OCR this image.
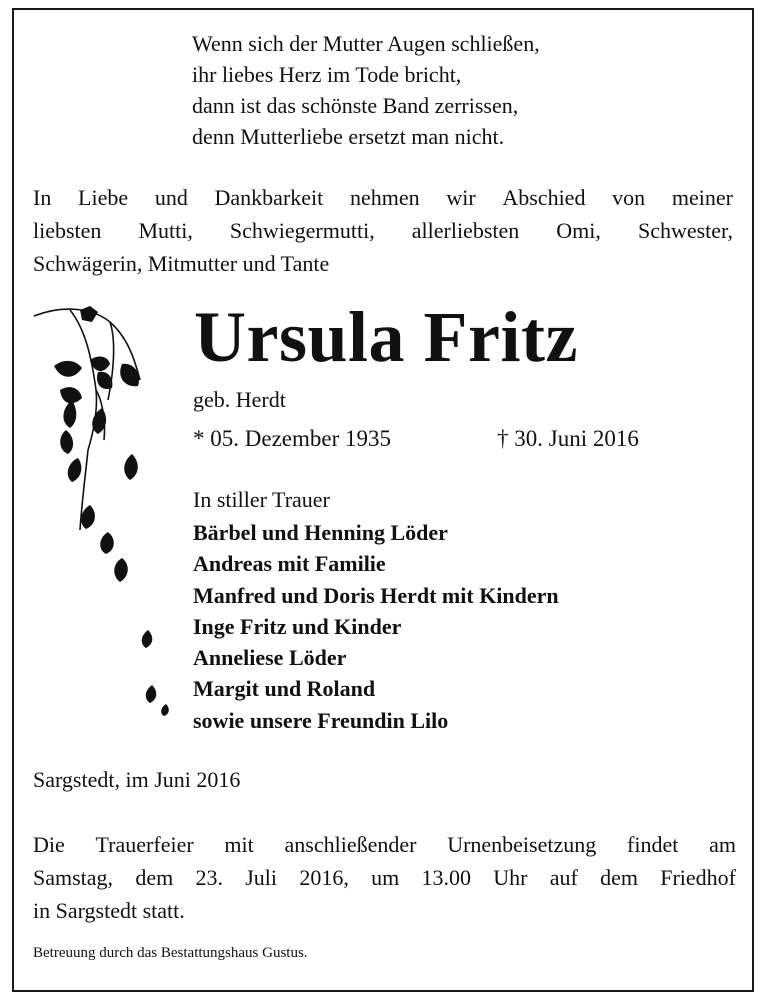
Wenn sich der Mutter Augen schließen,
ihr liebes Herz im Tode bricht,
dann ist das schönste Band zerrissen,
denn Mutterliebe ersetzt man nicht.
In Liebe und Dankbarkeit nehmen wir Abschied von meiner
liebsten Mutti, Schwiegermutti, allerliebsten Omi, Schwester,
Schwägerin, Mitmutter und Tante
Ursula Fritz
geb. Herdt
* 05. Dezember 1935	† 30. Juni 2016
In stiller Trauer
Bärbel und Henning Löder
Andreas mit Familie
Manfred und Doris Herdt mit Kindern
Inge Fritz und Kinder
Anneliese Löder
Margit und Roland
sowie unsere Freundin Lilo
Sargstedt, im Juni 2016
Die Trauerfeier mit anschließender Urnenbeisetzung findet am
Samstag, dem 23. Juli 2016, um 13.00 Uhr auf dem Friedhof
in Sargstedt statt.
Betreuung durch das Bestattungshaus Gustus.
